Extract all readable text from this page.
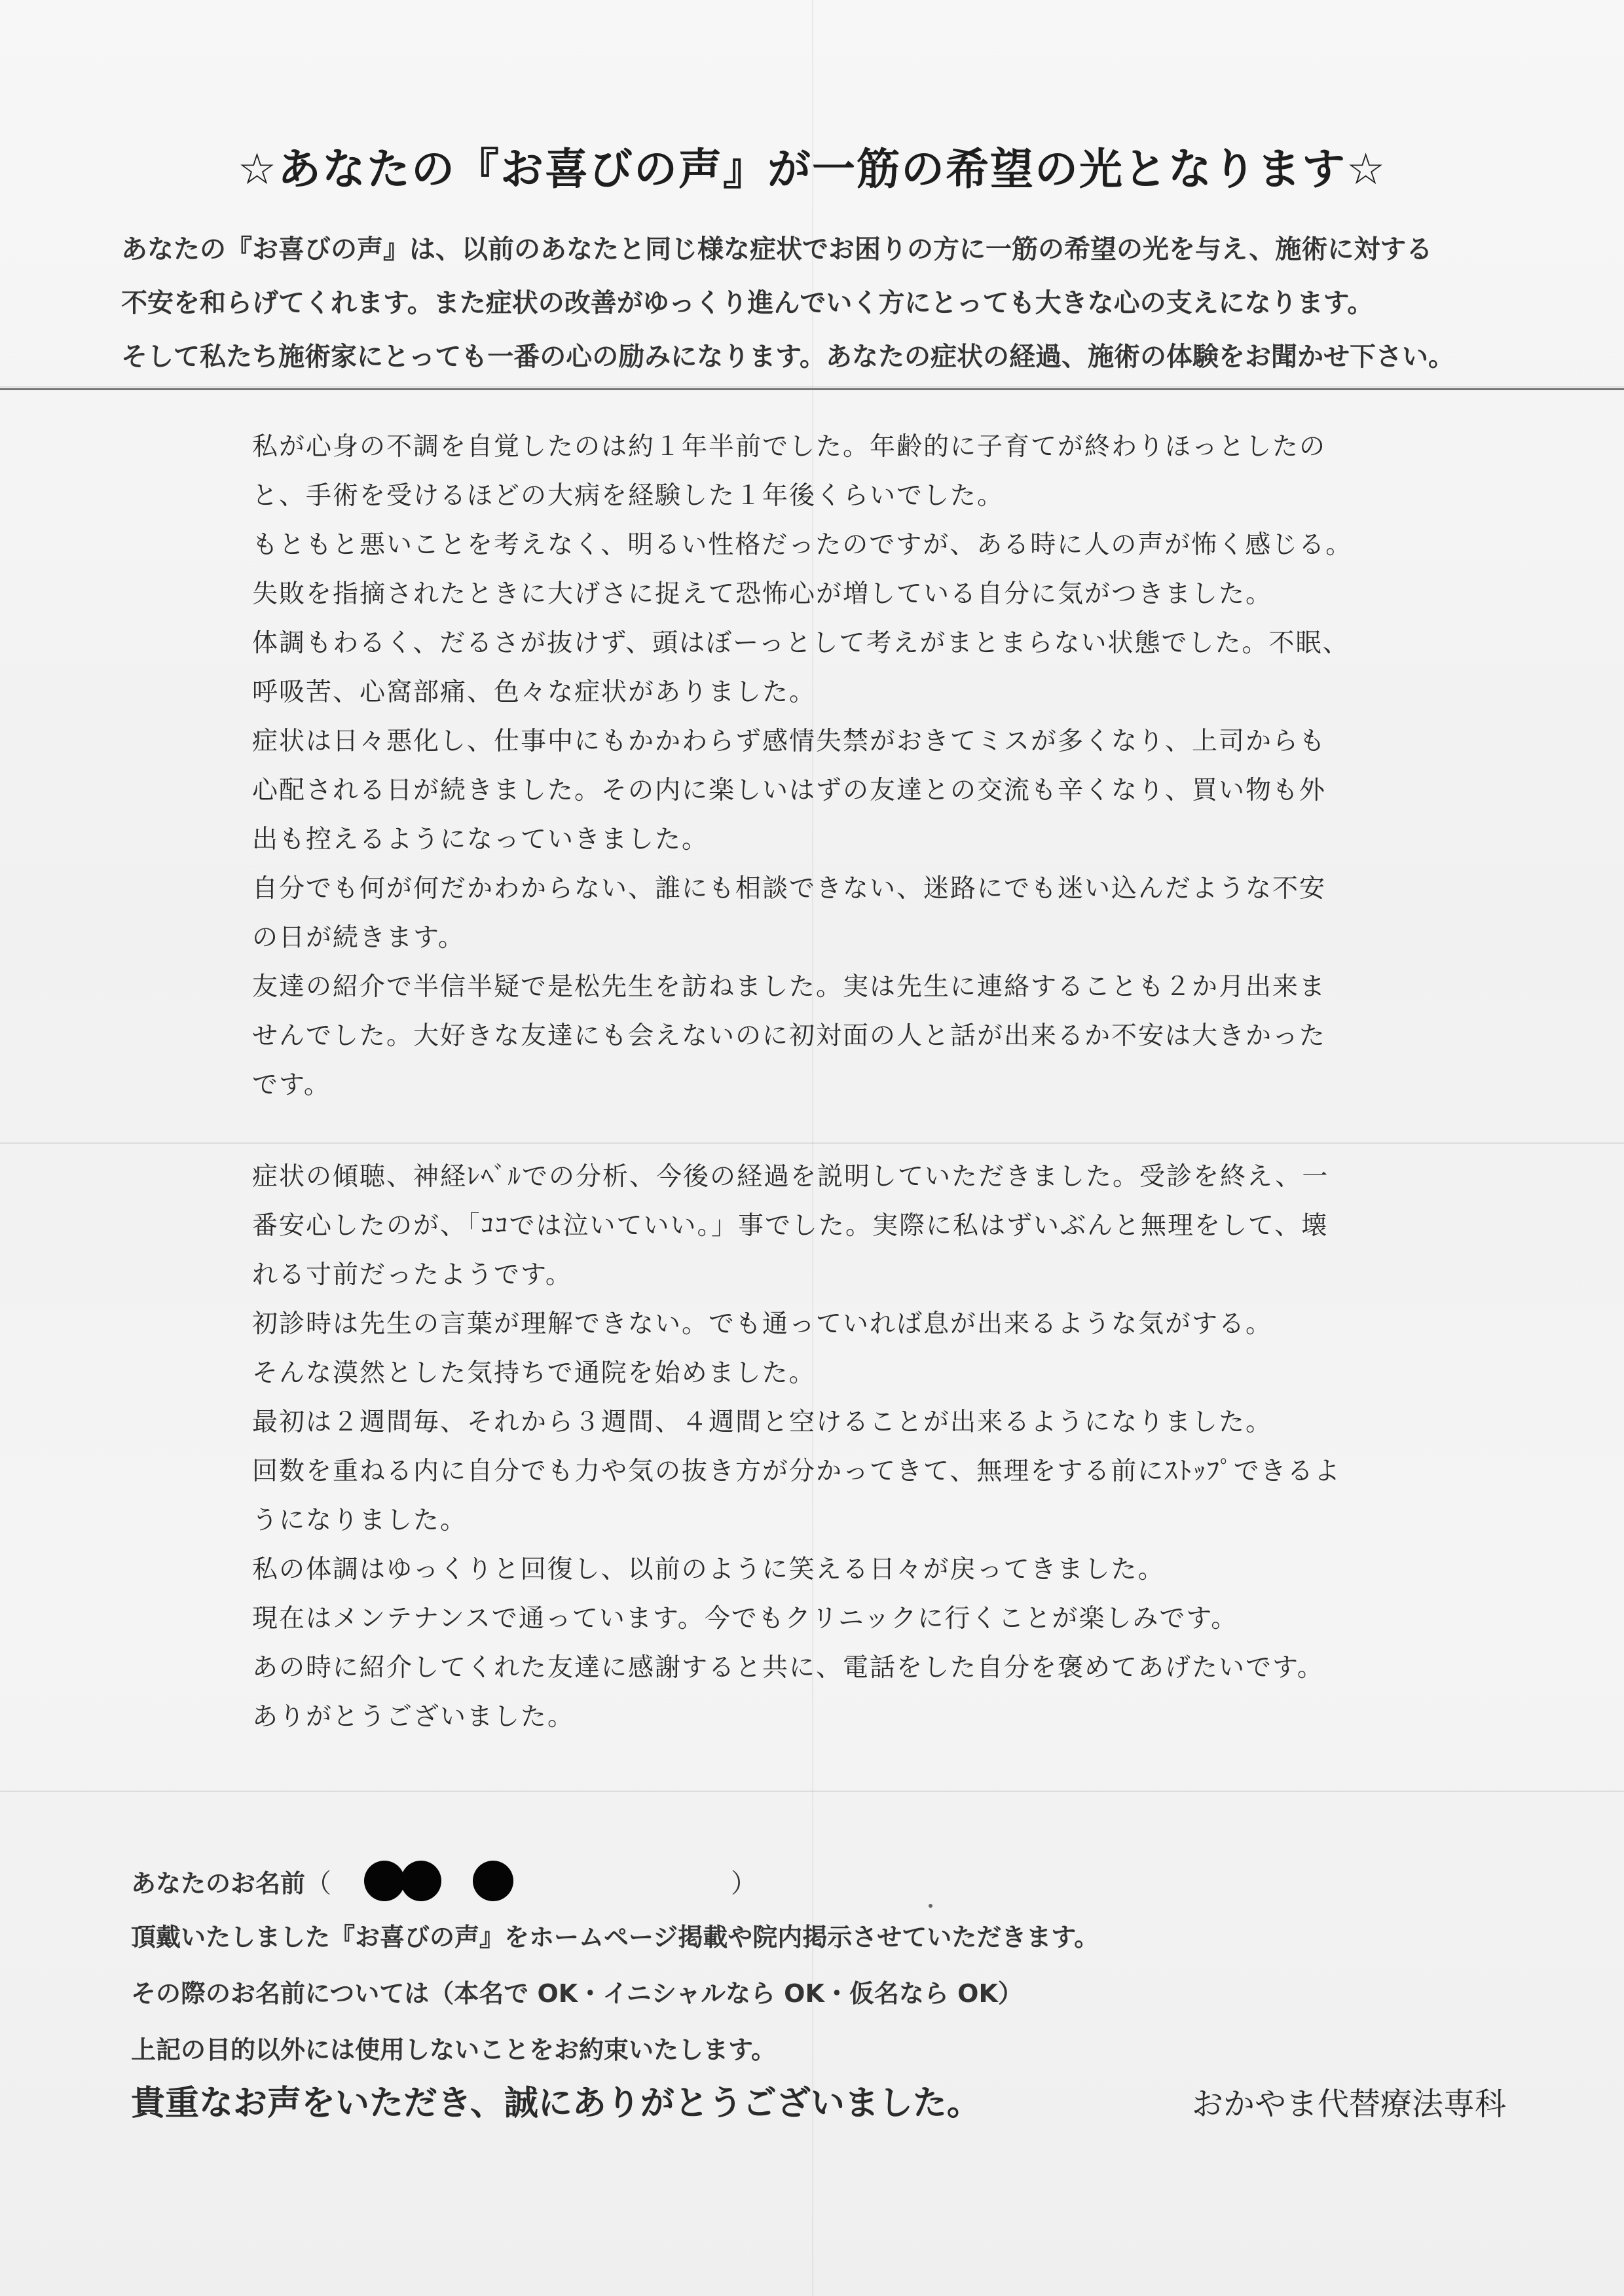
☆あなたの『お喜びの声』が一筋の希望の光となります☆
あなたの『お喜びの声』は、以前のあなたと同じ様な症状でお困りの方に一筋の希望の光を与え、施術に対する
不安を和らげてくれます。また症状の改善がゆっくり進んでいく方にとっても大きな心の支えになります。
そして私たち施術家にとっても一番の心の励みになります。あなたの症状の経過、施術の体験をお聞かせ下さい。
私が心身の不調を自覚したのは約１年半前でした。年齢的に子育てが終わりほっとしたの
と、手術を受けるほどの大病を経験した１年後くらいでした。
もともと悪いことを考えなく、明るい性格だったのですが、ある時に人の声が怖く感じる。
失敗を指摘されたときに大げさに捉えて恐怖心が増している自分に気がつきました。
体調もわるく、だるさが抜けず、頭はぼーっとして考えがまとまらない状態でした。不眠、
呼吸苦、心窩部痛、色々な症状がありました。
症状は日々悪化し、仕事中にもかかわらず感情失禁がおきてミスが多くなり、上司からも
心配される日が続きました。その内に楽しいはずの友達との交流も辛くなり、買い物も外
出も控えるようになっていきました。
自分でも何が何だかわからない、誰にも相談できない、迷路にでも迷い込んだような不安
の日が続きます。
友達の紹介で半信半疑で是松先生を訪ねました。実は先生に連絡することも２か月出来ま
せんでした。大好きな友達にも会えないのに初対面の人と話が出来るか不安は大きかった
です。
症状の傾聴、神経ﾚﾍﾞﾙでの分析、今後の経過を説明していただきました。受診を終え、一
番安心したのが、「ｺｺでは泣いていい。」事でした。実際に私はずいぶんと無理をして、壊
れる寸前だったようです。
初診時は先生の言葉が理解できない。でも通っていれば息が出来るような気がする。
そんな漠然とした気持ちで通院を始めました。
最初は２週間毎、それから３週間、４週間と空けることが出来るようになりました。
回数を重ねる内に自分でも力や気の抜き方が分かってきて、無理をする前にｽﾄｯﾌﾟできるよ
うになりました。
私の体調はゆっくりと回復し、以前のように笑える日々が戻ってきました。
現在はメンテナンスで通っています。今でもクリニックに行くことが楽しみです。
あの時に紹介してくれた友達に感謝すると共に、電話をした自分を褒めてあげたいです。
ありがとうございました。
あなたのお名前 （	）
頂戴いたしました『お喜びの声』をホームページ掲載や院内掲示させていただきます。
その際のお名前については（本名で OK・イニシャルなら OK・仮名なら OK）
上記の目的以外には使用しないことをお約束いたします。
貴重なお声をいただき、誠にありがとうございました。	おかやま代替療法専科
